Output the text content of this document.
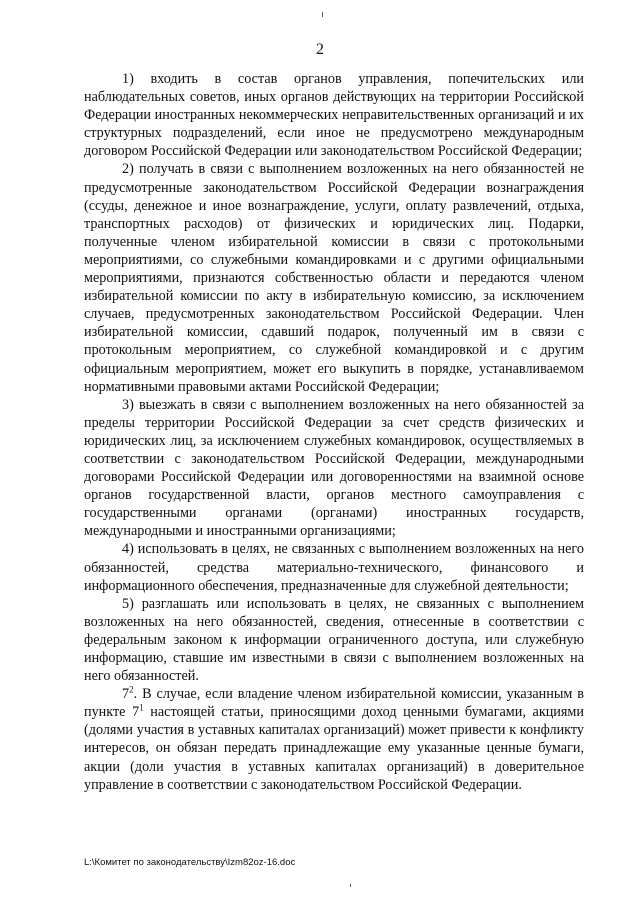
2

1) входить в состав органов управления, попечительских или наблюдательных советов, иных органов действующих на территории Российской Федерации иностранных некоммерческих неправительственных организаций и их структурных подразделений, если иное не предусмотрено международным договором Российской Федерации или законодательством Российской Федерации;

2) получать в связи с выполнением возложенных на него обязанностей не предусмотренные законодательством Российской Федерации вознаграждения (ссуды, денежное и иное вознаграждение, услуги, оплату развлечений, отдыха, транспортных расходов) от физических и юридических лиц. Подарки, полученные членом избирательной комиссии в связи с протокольными мероприятиями, со служебными командировками и с другими официальными мероприятиями, признаются собственностью области и передаются членом избирательной комиссии по акту в избирательную комиссию, за исключением случаев, предусмотренных законодательством Российской Федерации. Член избирательной комиссии, сдавший подарок, полученный им в связи с протокольным мероприятием, со служебной командировкой и с другим официальным мероприятием, может его выкупить в порядке, устанавливаемом нормативными правовыми актами Российской Федерации;

3) выезжать в связи с выполнением возложенных на него обязанностей за пределы территории Российской Федерации за счет средств физических и юридических лиц, за исключением служебных командировок, осуществляемых в соответствии с законодательством Российской Федерации, международными договорами Российской Федерации или договоренностями на взаимной основе органов государственной власти, органов местного самоуправления с государственными органами (органами) иностранных государств, международными и иностранными организациями;

4) использовать в целях, не связанных с выполнением возложенных на него обязанностей, средства материально-технического, финансового и информационного обеспечения, предназначенные для служебной деятельности;

5) разглашать или использовать в целях, не связанных с выполнением возложенных на него обязанностей, сведения, отнесенные в соответствии с федеральным законом к информации ограниченного доступа, или служебную информацию, ставшие им известными в связи с выполнением возложенных на него обязанностей.

$7^2$. В случае, если владение членом избирательной комиссии, указанным в пункте $7^1$ настоящей статьи, приносящими доход ценными бумагами, акциями (долями участия в уставных капиталах организаций) может привести к конфликту интересов, он обязан передать принадлежащие ему указанные ценные бумаги, акции (доли участия в уставных капиталах организаций) в доверительное управление в соответствии с законодательством Российской Федерации.

L:\Комитет по законодательству\Izm82oz-16.doc
